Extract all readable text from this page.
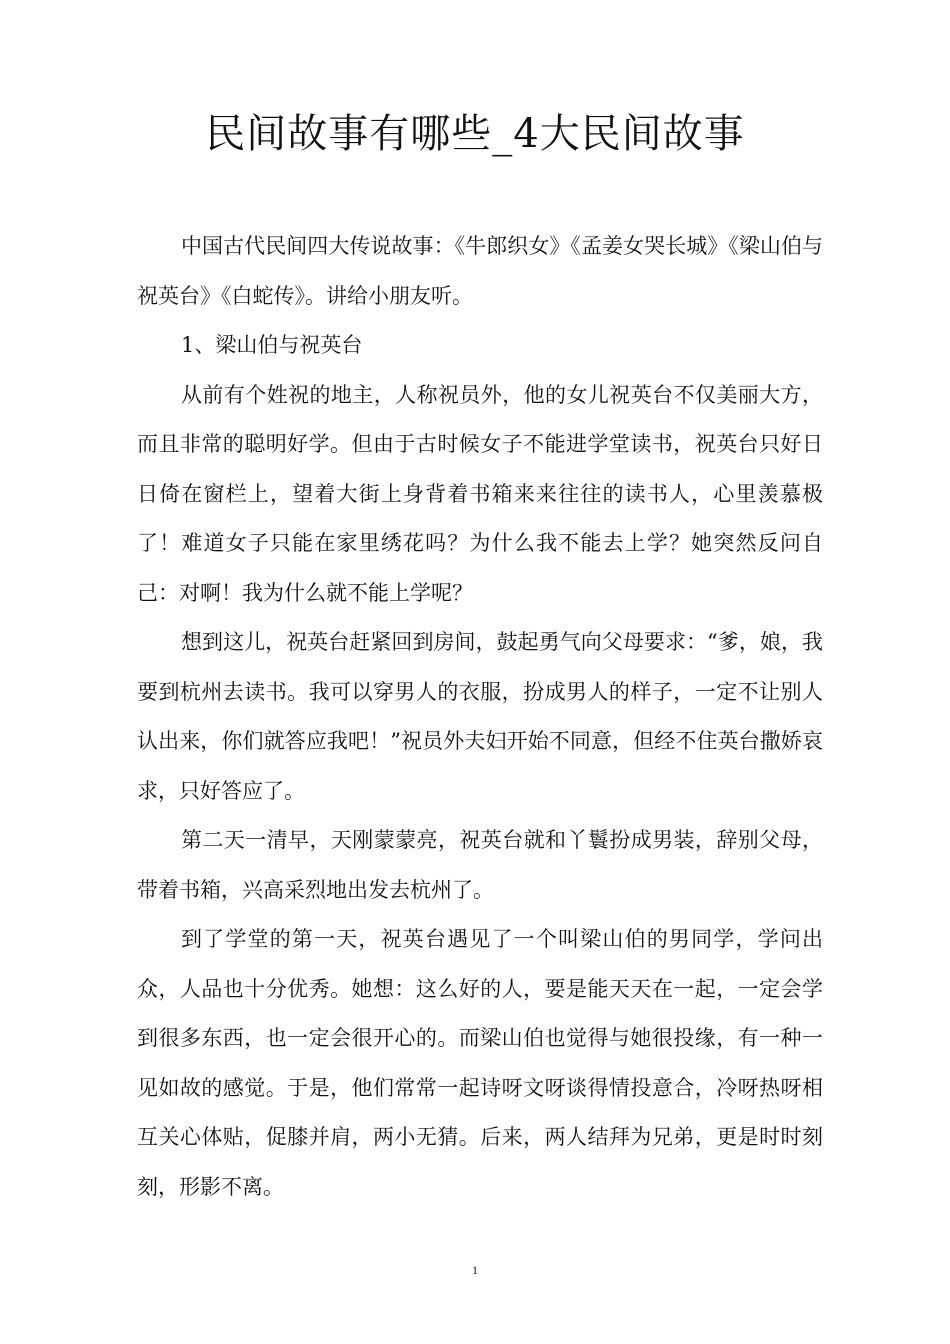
民间故事有哪些_4大民间故事

中国古代民间四大传说故事：《牛郎织女》《孟姜女哭长城》《梁山伯与祝英台》《白蛇传》。讲给小朋友听。

1、梁山伯与祝英台

从前有个姓祝的地主，人称祝员外，他的女儿祝英台不仅美丽大方，而且非常的聪明好学。但由于古时候女子不能进学堂读书，祝英台只好日日倚在窗栏上，望着大街上身背着书箱来来往往的读书人，心里羡慕极了！难道女子只能在家里绣花吗？为什么我不能去上学？她突然反问自己：对啊！我为什么就不能上学呢？

想到这儿，祝英台赶紧回到房间，鼓起勇气向父母要求：“爹，娘，我要到杭州去读书。我可以穿男人的衣服，扮成男人的样子，一定不让别人认出来，你们就答应我吧！”祝员外夫妇开始不同意，但经不住英台撒娇哀求，只好答应了。

第二天一清早，天刚蒙蒙亮，祝英台就和丫鬟扮成男装，辞别父母，带着书箱，兴高采烈地出发去杭州了。

到了学堂的第一天，祝英台遇见了一个叫梁山伯的男同学，学问出众，人品也十分优秀。她想：这么好的人，要是能天天在一起，一定会学到很多东西，也一定会很开心的。而梁山伯也觉得与她很投缘，有一种一见如故的感觉。于是，他们常常一起诗呀文呀谈得情投意合，冷呀热呀相互关心体贴，促膝并肩，两小无猜。后来，两人结拜为兄弟，更是时时刻刻，形影不离。

1
